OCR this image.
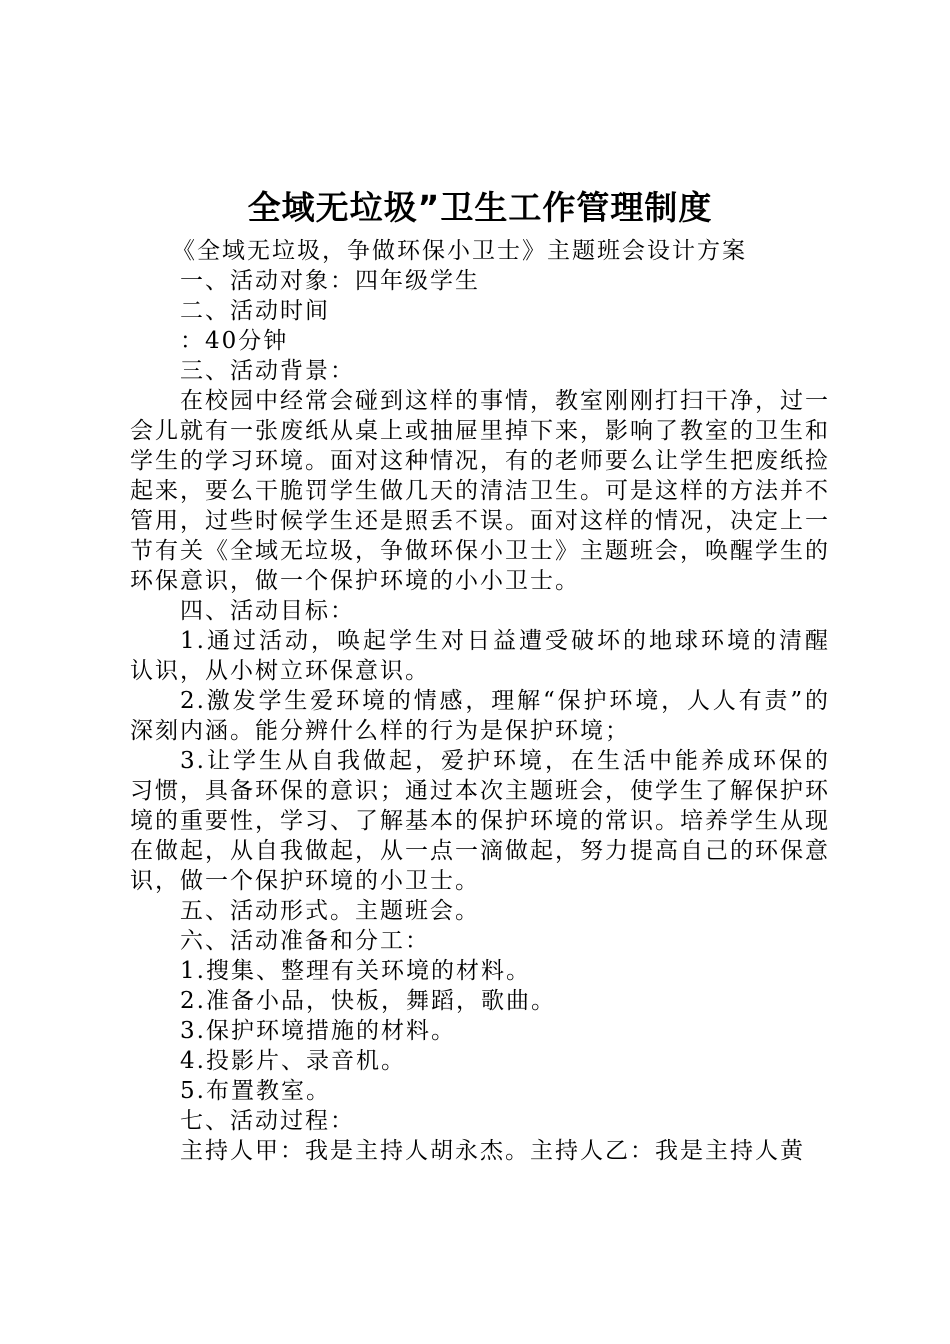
全域无垃圾”卫生工作管理制度

《全域无垃圾，争做环保小卫士》主题班会设计方案

一、活动对象：四年级学生

二、活动时间

：40分钟

三、活动背景：

在校园中经常会碰到这样的事情，教室刚刚打扫干净，过一会儿就有一张废纸从桌上或抽屉里掉下来，影响了教室的卫生和学生的学习环境。面对这种情况，有的老师要么让学生把废纸捡起来，要么干脆罚学生做几天的清洁卫生。可是这样的方法并不管用，过些时候学生还是照丢不误。面对这样的情况，决定上一节有关《全域无垃圾，争做环保小卫士》主题班会，唤醒学生的环保意识，做一个保护环境的小小卫士。

四、活动目标：

1.通过活动，唤起学生对日益遭受破坏的地球环境的清醒认识，从小树立环保意识。

2.激发学生爱环境的情感，理解“保护环境，人人有责”的深刻内涵。能分辨什么样的行为是保护环境；

3.让学生从自我做起，爱护环境，在生活中能养成环保的习惯，具备环保的意识；通过本次主题班会，使学生了解保护环境的重要性，学习、了解基本的保护环境的常识。培养学生从现在做起，从自我做起，从一点一滴做起，努力提高自己的环保意识，做一个保护环境的小卫士。

五、活动形式。主题班会。

六、活动准备和分工：

1.搜集、整理有关环境的材料。

2.准备小品，快板，舞蹈，歌曲。

3.保护环境措施的材料。

4.投影片、录音机。

5.布置教室。

七、活动过程：

主持人甲：我是主持人胡永杰。主持人乙：我是主持人黄
